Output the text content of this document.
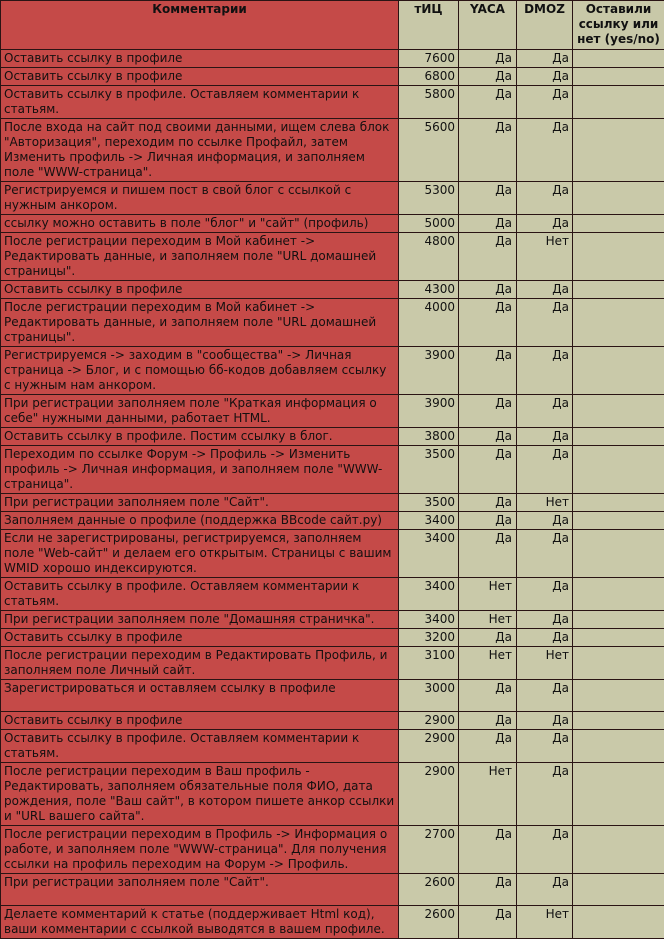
Комментарии	тИЦ	YACA	DMOZ	Оставили ссылку или нет (yes/no)
Оставить ссылку в профиле	7600	Да	Да	
Оставить ссылку в профиле	6800	Да	Да	
Оставить ссылку в профиле. Оставляем комментарии к статьям.	5800	Да	Да	
После входа на сайт под своими данными, ищем слева блок "Авторизация", переходим по ссылке Профайл, затем Изменить профиль -> Личная информация, и заполняем поле "WWW-страница".	5600	Да	Да	
Регистрируемся и пишем пост в свой блог с ссылкой с нужным анкором.	5300	Да	Да	
ссылку можно оставить в поле "блог" и "сайт" (профиль)	5000	Да	Да	
После регистрации переходим в Мой кабинет -> Редактировать данные, и заполняем поле "URL домашней страницы".	4800	Да	Нет	
Оставить ссылку в профиле	4300	Да	Да	
После регистрации переходим в Мой кабинет -> Редактировать данные, и заполняем поле "URL домашней страницы".	4000	Да	Да	
Регистрируемся -> заходим в "сообщества" -> Личная страница -> Блог, и с помощью бб-кодов добавляем ссылку с нужным нам анкором.	3900	Да	Да	
При регистрации заполняем поле "Краткая информация о себе" нужными данными, работает HTML.	3900	Да	Да	
Оставить ссылку в профиле. Постим ссылку в блог.	3800	Да	Да	
Переходим по ссылке Форум -> Профиль -> Изменить профиль -> Личная информация, и заполняем поле "WWW-страница".	3500	Да	Да	
При регистрации заполняем поле "Сайт".	3500	Да	Нет	
Заполняем данные о профиле (поддержка BBcode сайт.ру)	3400	Да	Да	
Если не зарегистрированы, регистрируемся, заполняем поле "Web-сайт" и делаем его открытым. Страницы с вашим WMID хорошо индексируются.	3400	Да	Да	
Оставить ссылку в профиле. Оставляем комментарии к статьям.	3400	Нет	Да	
При регистрации заполняем поле "Домашняя страничка".	3400	Нет	Да	
Оставить ссылку в профиле	3200	Да	Да	
После регистрации переходим в Редактировать Профиль, и заполняем поле Личный сайт.	3100	Нет	Нет	
Зарегистрироваться и оставляем ссылку в профиле	3000	Да	Да	
Оставить ссылку в профиле	2900	Да	Да	
Оставить ссылку в профиле. Оставляем комментарии к статьям.	2900	Да	Да	
После регистрации переходим в Ваш профиль - Редактировать, заполняем обязательные поля ФИО, дата рождения, поле "Ваш сайт", в котором пишете анкор ссылки и "URL вашего сайта".	2900	Нет	Да	
После регистрации переходим в Профиль -> Информация о работе, и заполняем поле "WWW-страница". Для получения ссылки на профиль переходим на Форум -> Профиль.	2700	Да	Да	
При регистрации заполняем поле "Сайт".	2600	Да	Да	
Делаете комментарий к статье (поддерживает Html код), ваши комментарии с ссылкой выводятся в вашем профиле.	2600	Да	Нет	
